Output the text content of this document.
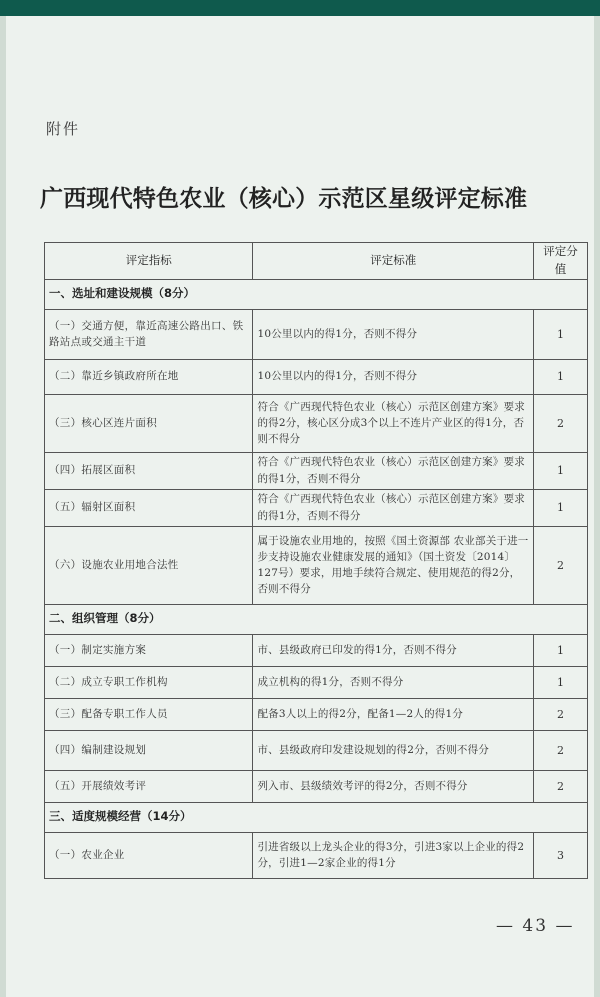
附件
广西现代特色农业（核心）示范区星级评定标准
评定指标	评定标准	评定分值
一、选址和建设规模（8分）		
（一）交通方便，靠近高速公路出口、铁路站点或交通主干道	10公里以内的得1分，否则不得分	1
（二）靠近乡镇政府所在地	10公里以内的得1分，否则不得分	1
（三）核心区连片面积	符合《广西现代特色农业（核心）示范区创建方案》要求的得2分，核心区分成3个以上不连片产业区的得1分，否则不得分	2
（四）拓展区面积	符合《广西现代特色农业（核心）示范区创建方案》要求的得1分，否则不得分	1
（五）辐射区面积	符合《广西现代特色农业（核心）示范区创建方案》要求的得1分，否则不得分	1
（六）设施农业用地合法性	属于设施农业用地的，按照《国土资源部 农业部关于进一步支持设施农业健康发展的通知》（国土资发〔2014〕127号）要求，用地手续符合规定、使用规范的得2分，否则不得分	2
二、组织管理（8分）		
（一）制定实施方案	市、县级政府已印发的得1分，否则不得分	1
（二）成立专职工作机构	成立机构的得1分，否则不得分	1
（三）配备专职工作人员	配备3人以上的得2分，配备1—2人的得1分	2
（四）编制建设规划	市、县级政府印发建设规划的得2分，否则不得分	2
（五）开展绩效考评	列入市、县级绩效考评的得2分，否则不得分	2
三、适度规模经营（14分）		
（一）农业企业	引进省级以上龙头企业的得3分，引进3家以上企业的得2分，引进1—2家企业的得1分	3
— 43 —
